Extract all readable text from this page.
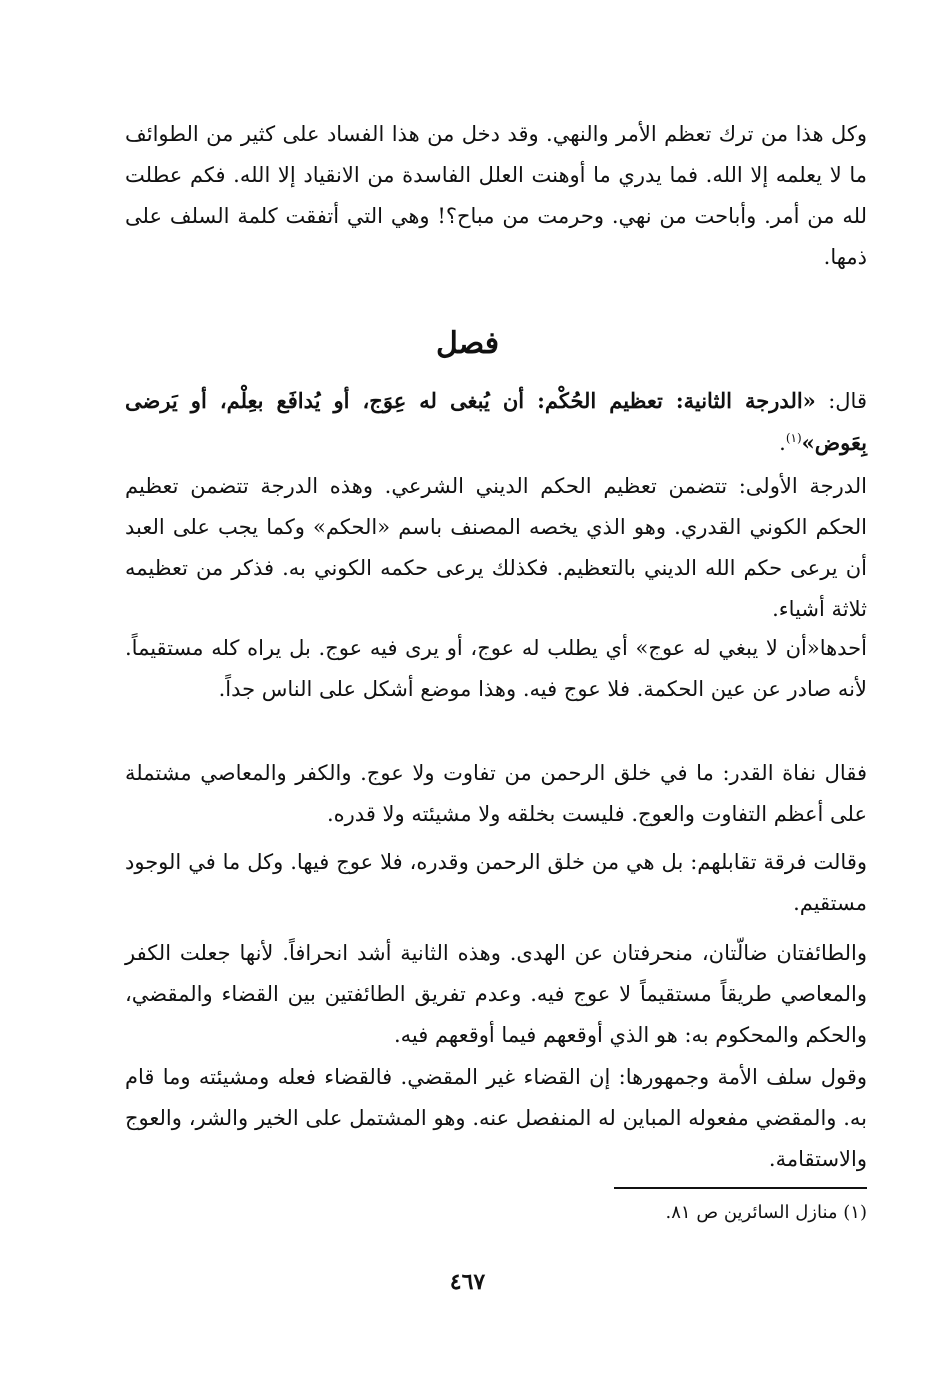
وكل هذا من ترك تعظم الأمر والنهي. وقد دخل من هذا الفساد على كثير من الطوائف ما لا يعلمه إلا الله. فما يدري ما أوهنت العلل الفاسدة من الانقياد إلا الله. فكم عطلت لله من أمر. وأباحت من نهي. وحرمت من مباح؟! وهي التي أتفقت كلمة السلف على ذمها.

فصل

قال: «الدرجة الثانية: تعظيم الحُكْم: أن يُبغى له عِوَج، أو يُدافَع بعِلْم، أو يَرضى بِعَوض»$^{(١)}$.

الدرجة الأولى: تتضمن تعظيم الحكم الديني الشرعي. وهذه الدرجة تتضمن تعظيم الحكم الكوني القدري. وهو الذي يخصه المصنف باسم «الحكم» وكما يجب على العبد أن يرعى حكم الله الديني بالتعظيم. فكذلك يرعى حكمه الكوني به. فذكر من تعظيمه ثلاثة أشياء.

أحدها«أن لا يبغي له عوج» أي يطلب له عوج، أو يرى فيه عوج. بل يراه كله مستقيماً. لأنه صادر عن عين الحكمة. فلا عوج فيه. وهذا موضع أشكل على الناس جداً.

فقال نفاة القدر: ما في خلق الرحمن من تفاوت ولا عوج. والكفر والمعاصي مشتملة على أعظم التفاوت والعوج. فليست بخلقه ولا مشيئته ولا قدره.

وقالت فرقة تقابلهم: بل هي من خلق الرحمن وقدره، فلا عوج فيها. وكل ما في الوجود مستقيم.

والطائفتان ضالّتان، منحرفتان عن الهدى. وهذه الثانية أشد انحرافاً. لأنها جعلت الكفر والمعاصي طريقاً مستقيماً لا عوج فيه. وعدم تفريق الطائفتين بين القضاء والمقضي، والحكم والمحكوم به: هو الذي أوقعهم فيما أوقعهم فيه.

وقول سلف الأمة وجمهورها: إن القضاء غير المقضي. فالقضاء فعله ومشيئته وما قام به. والمقضي مفعوله المباين له المنفصل عنه. وهو المشتمل على الخير والشر، والعوج والاستقامة.

(١) منازل السائرين ص ٨١.
٤٦٧
